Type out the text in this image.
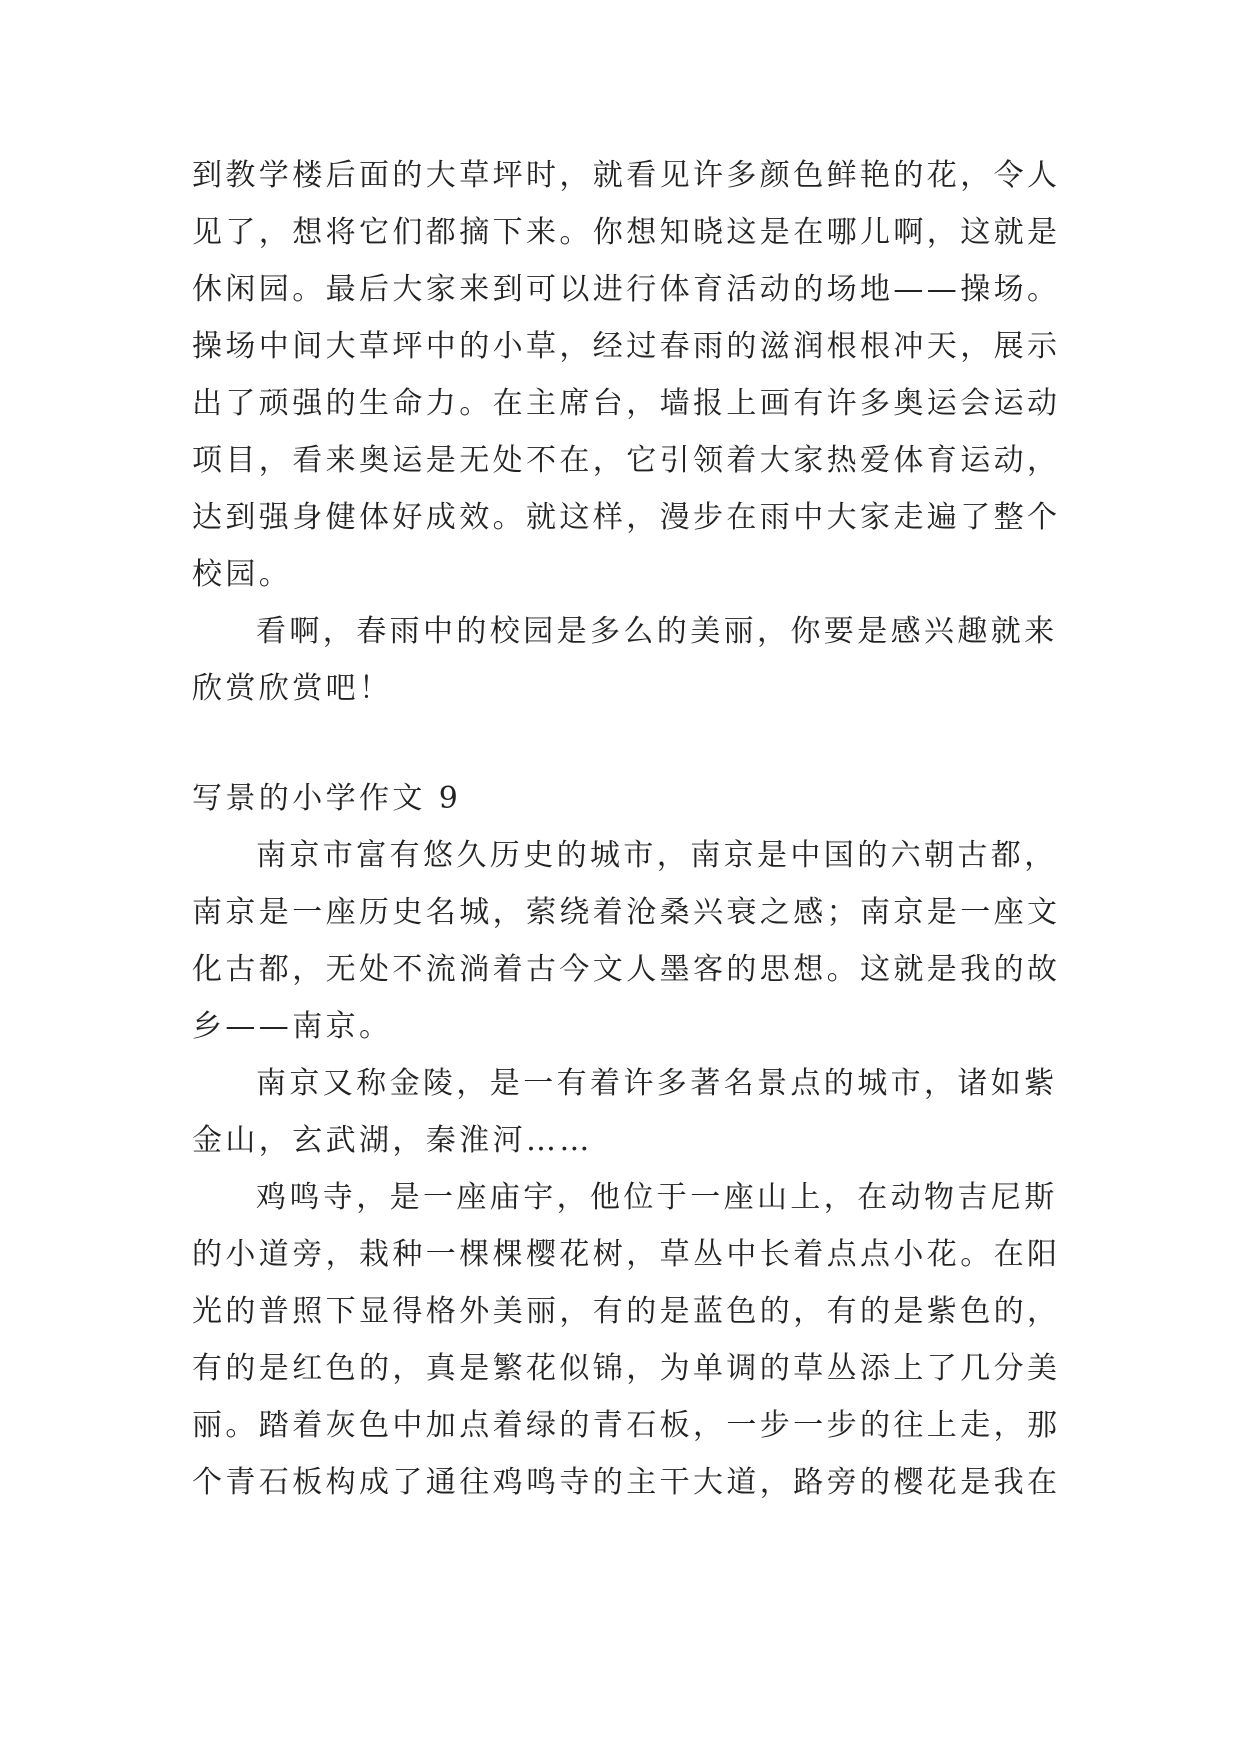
到教学楼后面的大草坪时，就看见许多颜色鲜艳的花，令人
见了，想将它们都摘下来。你想知晓这是在哪儿啊，这就是
休闲园。最后大家来到可以进行体育活动的场地——操场。
操场中间大草坪中的小草，经过春雨的滋润根根冲天，展示
出了顽强的生命力。在主席台，墙报上画有许多奥运会运动
项目，看来奥运是无处不在，它引领着大家热爱体育运动，
达到强身健体好成效。就这样，漫步在雨中大家走遍了整个
校园。
看啊，春雨中的校园是多么的美丽，你要是感兴趣就来
欣赏欣赏吧！
写景的小学作文 9
南京市富有悠久历史的城市，南京是中国的六朝古都，
南京是一座历史名城，萦绕着沧桑兴衰之感；南京是一座文
化古都，无处不流淌着古今文人墨客的思想。这就是我的故
乡——南京。
南京又称金陵，是一有着许多著名景点的城市，诸如紫
金山，玄武湖，秦淮河……
鸡鸣寺，是一座庙宇，他位于一座山上，在动物吉尼斯
的小道旁，栽种一棵棵樱花树，草丛中长着点点小花。在阳
光的普照下显得格外美丽，有的是蓝色的，有的是紫色的，
有的是红色的，真是繁花似锦，为单调的草丛添上了几分美
丽。踏着灰色中加点着绿的青石板，一步一步的往上走，那
个青石板构成了通往鸡鸣寺的主干大道，路旁的樱花是我在
